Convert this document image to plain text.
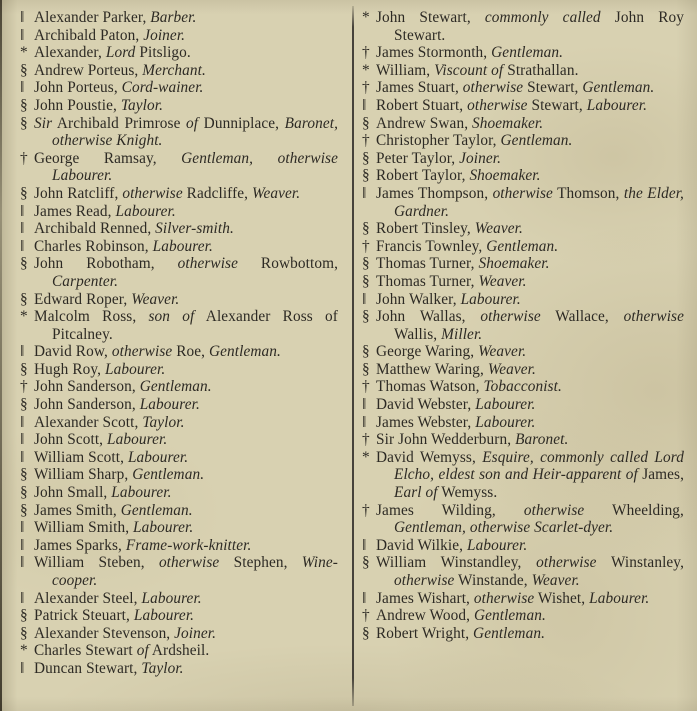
‖ Alexander Parker, Barber.
‖ Archibald Paton, Joiner.
* Alexander, Lord Pitsligo.
§ Andrew Porteus, Merchant.
‖ John Porteus, Cord-wainer.
§ John Poustie, Taylor.
§ Sir Archibald Primrose of Dunniplace, Baronet, otherwise Knight.
† George Ramsay, Gentleman, otherwise Labourer.
§ John Ratcliff, otherwise Radcliffe, Weaver.
‖ James Read, Labourer.
‖ Archibald Renned, Silver-smith.
‖ Charles Robinson, Labourer.
§ John Robotham, otherwise Rowbottom, Carpenter.
§ Edward Roper, Weaver.
* Malcolm Ross, son of Alexander Ross of Pitcalney.
‖ David Row, otherwise Roe, Gentleman.
§ Hugh Roy, Labourer.
† John Sanderson, Gentleman.
§ John Sanderson, Labourer.
‖ Alexander Scott, Taylor.
‖ John Scott, Labourer.
‖ William Scott, Labourer.
§ William Sharp, Gentleman.
§ John Small, Labourer.
§ James Smith, Gentleman.
‖ William Smith, Labourer.
‖ James Sparks, Frame-work-knitter.
‖ William Steben, otherwise Stephen, Wine-cooper.
‖ Alexander Steel, Labourer.
§ Patrick Steuart, Labourer.
§ Alexander Stevenson, Joiner.
* Charles Stewart of Ardsheil.
‖ Duncan Stewart, Taylor.
* John Stewart, commonly called John Roy Stewart.
† James Stormonth, Gentleman.
* William, Viscount of Strathallan.
† James Stuart, otherwise Stewart, Gentleman.
‖ Robert Stuart, otherwise Stewart, Labourer.
§ Andrew Swan, Shoemaker.
† Christopher Taylor, Gentleman.
§ Peter Taylor, Joiner.
§ Robert Taylor, Shoemaker.
‖ James Thompson, otherwise Thomson, the Elder, Gardner.
§ Robert Tinsley, Weaver.
† Francis Townley, Gentleman.
§ Thomas Turner, Shoemaker.
§ Thomas Turner, Weaver.
‖ John Walker, Labourer.
§ John Wallas, otherwise Wallace, otherwise Wallis, Miller.
§ George Waring, Weaver.
§ Matthew Waring, Weaver.
† Thomas Watson, Tobacconist.
‖ David Webster, Labourer.
‖ James Webster, Labourer.
† Sir John Wedderburn, Baronet.
* David Wemyss, Esquire, commonly called Lord Elcho, eldest son and Heir-apparent of James, Earl of Wemyss.
† James Wilding, otherwise Wheelding, Gentleman, otherwise Scarlet-dyer.
‖ David Wilkie, Labourer.
§ William Winstandley, otherwise Winstanley, otherwise Winstande, Weaver.
‖ James Wishart, otherwise Wishet, Labourer.
† Andrew Wood, Gentleman.
§ Robert Wright, Gentleman.
